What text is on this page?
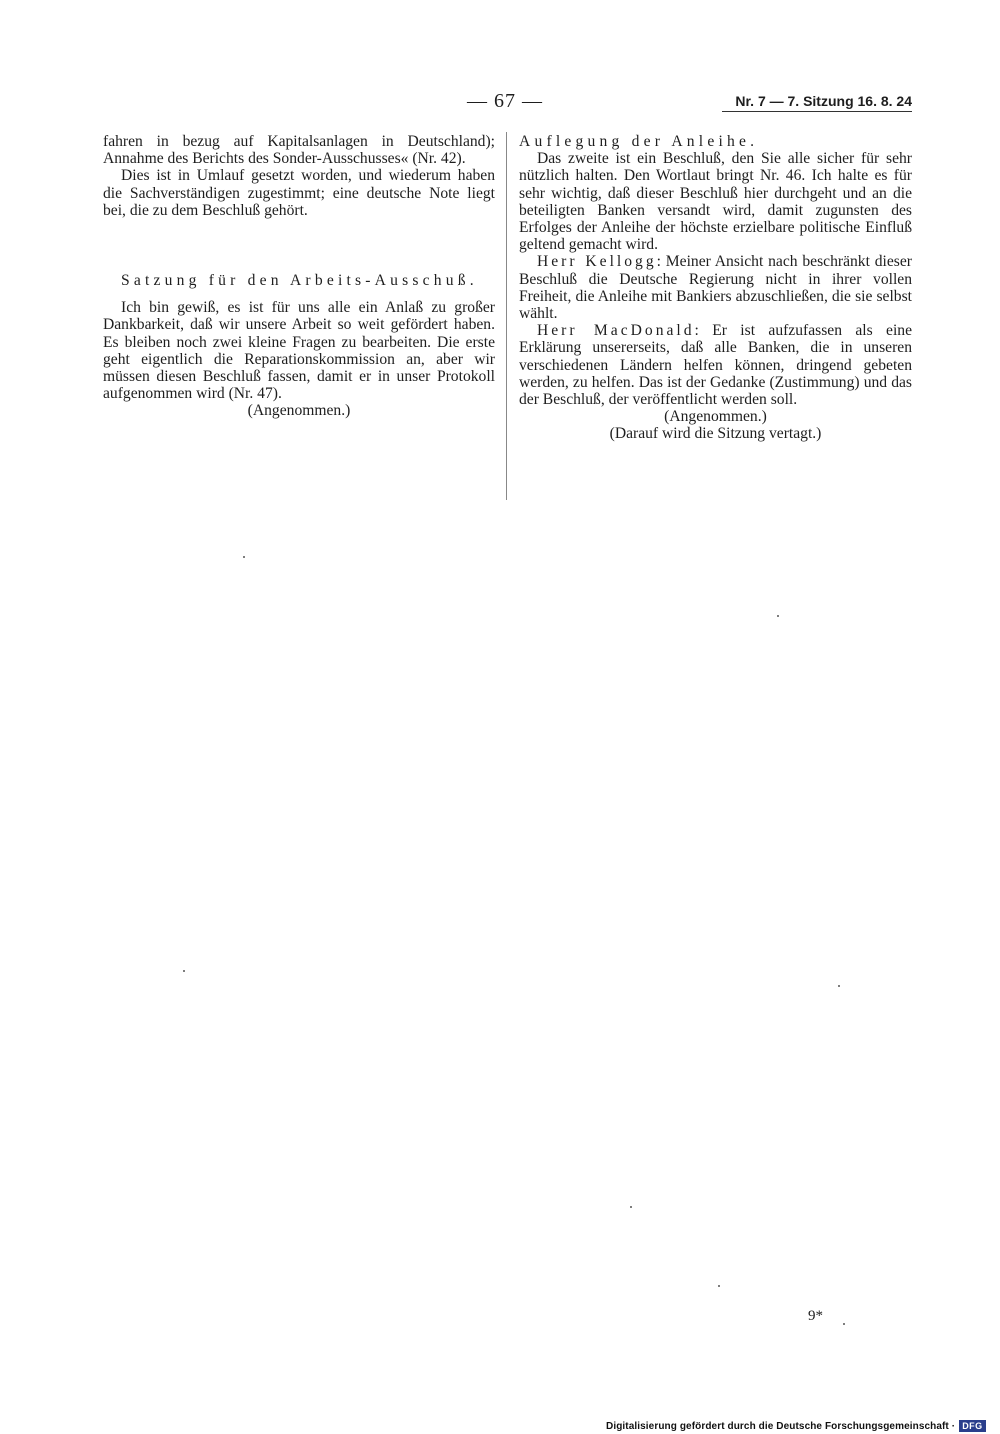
— 67 —	Nr. 7 — 7. Sitzung 16. 8. 24

fahren in bezug auf Kapitalsanlagen in Deutschland); Annahme des Berichts des Sonder-Ausschusses« (Nr. 42).

Dies ist in Umlauf gesetzt worden, und wiederum haben die Sachverständigen zugestimmt; eine deutsche Note liegt bei, die zu dem Beschluß gehört.

Satzung für den Arbeits-Ausschuß.

Ich bin gewiß, es ist für uns alle ein Anlaß zu großer Dankbarkeit, daß wir unsere Arbeit so weit gefördert haben. Es bleiben noch zwei kleine Fragen zu bearbeiten. Die erste geht eigentlich die Reparationskommission an, aber wir müssen diesen Beschluß fassen, damit er in unser Protokoll aufgenommen wird (Nr. 47).

(Angenommen.)

Auflegung der Anleihe.

Das zweite ist ein Beschluß, den Sie alle sicher für sehr nützlich halten. Den Wortlaut bringt Nr. 46. Ich halte es für sehr wichtig, daß dieser Beschluß hier durchgeht und an die beteiligten Banken versandt wird, damit zugunsten des Erfolges der Anleihe der höchste erzielbare politische Einfluß geltend gemacht wird.

Herr Kellogg: Meiner Ansicht nach beschränkt dieser Beschluß die Deutsche Regierung nicht in ihrer vollen Freiheit, die Anleihe mit Bankiers abzuschließen, die sie selbst wählt.

Herr MacDonald: Er ist aufzufassen als eine Erklärung unsererseits, daß alle Banken, die in unseren verschiedenen Ländern helfen können, dringend gebeten werden, zu helfen. Das ist der Gedanke (Zustimmung) und das der Beschluß, der veröffentlicht werden soll.

(Angenommen.)

(Darauf wird die Sitzung vertagt.)

9*
Digitalisierung gefördert durch die Deutsche Forschungsgemeinschaft · DFG
